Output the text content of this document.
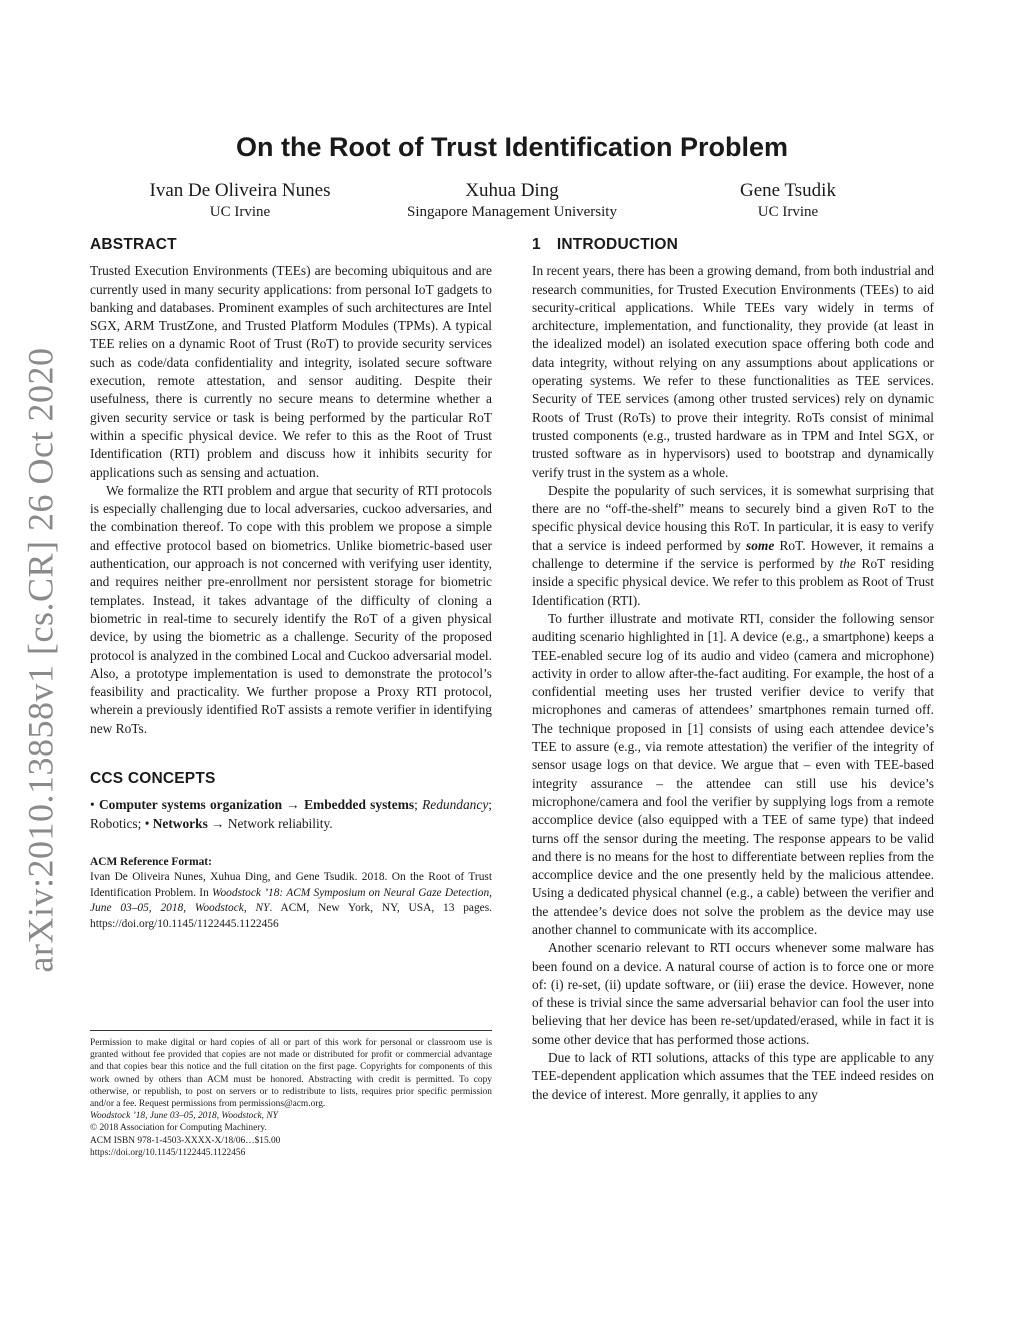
arXiv:2010.13858v1 [cs.CR] 26 Oct 2020
On the Root of Trust Identification Problem
Ivan De Oliveira Nunes
UC Irvine
Xuhua Ding
Singapore Management University
Gene Tsudik
UC Irvine
ABSTRACT

Trusted Execution Environments (TEEs) are becoming ubiquitous and are currently used in many security applications: from personal IoT gadgets to banking and databases. Prominent examples of such architectures are Intel SGX, ARM TrustZone, and Trusted Platform Modules (TPMs). A typical TEE relies on a dynamic Root of Trust (RoT) to provide security services such as code/data confidentiality and integrity, isolated secure software execution, remote attestation, and sensor auditing. Despite their usefulness, there is currently no secure means to determine whether a given security service or task is being performed by the particular RoT within a specific physical device. We refer to this as the Root of Trust Identification (RTI) problem and discuss how it inhibits security for applications such as sensing and actuation.

We formalize the RTI problem and argue that security of RTI protocols is especially challenging due to local adversaries, cuckoo adversaries, and the combination thereof. To cope with this problem we propose a simple and effective protocol based on biometrics. Unlike biometric-based user authentication, our approach is not concerned with verifying user identity, and requires neither pre-enrollment nor persistent storage for biometric templates. Instead, it takes advantage of the difficulty of cloning a biometric in real-time to securely identify the RoT of a given physical device, by using the biometric as a challenge. Security of the proposed protocol is analyzed in the combined Local and Cuckoo adversarial model. Also, a prototype implementation is used to demonstrate the protocol’s feasibility and practicality. We further propose a Proxy RTI protocol, wherein a previously identified RoT assists a remote verifier in identifying new RoTs.

CCS CONCEPTS

• Computer systems organization → Embedded systems; Redundancy; Robotics; • Networks → Network reliability.

ACM Reference Format:
Ivan De Oliveira Nunes, Xuhua Ding, and Gene Tsudik. 2018. On the Root of Trust Identification Problem. In Woodstock ’18: ACM Symposium on Neural Gaze Detection, June 03–05, 2018, Woodstock, NY. ACM, New York, NY, USA, 13 pages. https://doi.org/10.1145/1122445.1122456

Permission to make digital or hard copies of all or part of this work for personal or classroom use is granted without fee provided that copies are not made or distributed for profit or commercial advantage and that copies bear this notice and the full citation on the first page. Copyrights for components of this work owned by others than ACM must be honored. Abstracting with credit is permitted. To copy otherwise, or republish, to post on servers or to redistribute to lists, requires prior specific permission and/or a fee. Request permissions from permissions@acm.org.

Woodstock ’18, June 03–05, 2018, Woodstock, NY

© 2018 Association for Computing Machinery.

ACM ISBN 978-1-4503-XXXX-X/18/06…$15.00

https://doi.org/10.1145/1122445.1122456

1 INTRODUCTION

In recent years, there has been a growing demand, from both industrial and research communities, for Trusted Execution Environments (TEEs) to aid security-critical applications. While TEEs vary widely in terms of architecture, implementation, and functionality, they provide (at least in the idealized model) an isolated execution space offering both code and data integrity, without relying on any assumptions about applications or operating systems. We refer to these functionalities as TEE services. Security of TEE services (among other trusted services) rely on dynamic Roots of Trust (RoTs) to prove their integrity. RoTs consist of minimal trusted components (e.g., trusted hardware as in TPM and Intel SGX, or trusted software as in hypervisors) used to bootstrap and dynamically verify trust in the system as a whole.

Despite the popularity of such services, it is somewhat surprising that there are no “off-the-shelf” means to securely bind a given RoT to the specific physical device housing this RoT. In particular, it is easy to verify that a service is indeed performed by some RoT. However, it remains a challenge to determine if the service is performed by the RoT residing inside a specific physical device. We refer to this problem as Root of Trust Identification (RTI).

To further illustrate and motivate RTI, consider the following sensor auditing scenario highlighted in [1]. A device (e.g., a smartphone) keeps a TEE-enabled secure log of its audio and video (camera and microphone) activity in order to allow after-the-fact auditing. For example, the host of a confidential meeting uses her trusted verifier device to verify that microphones and cameras of attendees’ smartphones remain turned off. The technique proposed in [1] consists of using each attendee device’s TEE to assure (e.g., via remote attestation) the verifier of the integrity of sensor usage logs on that device. We argue that – even with TEE-based integrity assurance – the attendee can still use his device’s microphone/camera and fool the verifier by supplying logs from a remote accomplice device (also equipped with a TEE of same type) that indeed turns off the sensor during the meeting. The response appears to be valid and there is no means for the host to differentiate between replies from the accomplice device and the one presently held by the malicious attendee. Using a dedicated physical channel (e.g., a cable) between the verifier and the attendee’s device does not solve the problem as the device may use another channel to communicate with its accomplice.

Another scenario relevant to RTI occurs whenever some malware has been found on a device. A natural course of action is to force one or more of: (i) re-set, (ii) update software, or (iii) erase the device. However, none of these is trivial since the same adversarial behavior can fool the user into believing that her device has been re-set/updated/erased, while in fact it is some other device that has performed those actions.

Due to lack of RTI solutions, attacks of this type are applicable to any TEE-dependent application which assumes that the TEE indeed resides on the device of interest. More genrally, it applies to any
